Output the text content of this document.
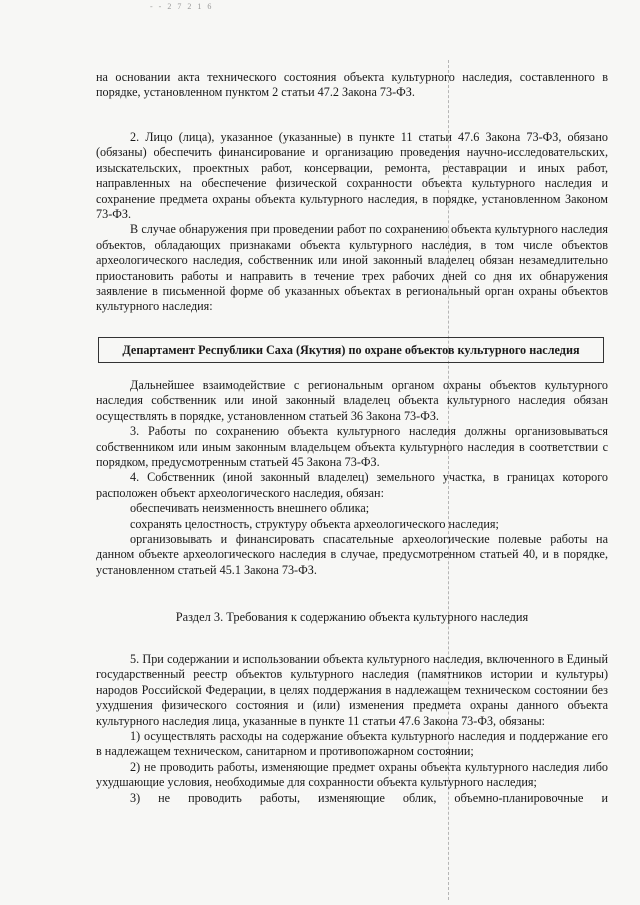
- - 2 7 2 1 6

на основании акта технического состояния объекта культурного наследия, составленного в порядке, установленном пунктом 2 статьи 47.2 Закона 73-ФЗ.

2. Лицо (лица), указанное (указанные) в пункте 11 статьи 47.6 Закона 73-ФЗ, обязано (обязаны) обеспечить финансирование и организацию проведения научно-исследовательских, изыскательских, проектных работ, консервации, ремонта, реставрации и иных работ, направленных на обеспечение физической сохранности объекта культурного наследия и сохранение предмета охраны объекта культурного наследия, в порядке, установленном Законом 73-ФЗ.

В случае обнаружения при проведении работ по сохранению объекта культурного наследия объектов, обладающих признаками объекта культурного наследия, в том числе объектов археологического наследия, собственник или иной законный владелец обязан незамедлительно приостановить работы и направить в течение трех рабочих дней со дня их обнаружения заявление в письменной форме об указанных объектах в региональный орган охраны объектов культурного наследия:

Департамент Республики Саха (Якутия) по охране объектов культурного наследия

Дальнейшее взаимодействие с региональным органом охраны объектов культурного наследия собственник или иной законный владелец объекта культурного наследия обязан осуществлять в порядке, установленном статьей 36 Закона 73-ФЗ.

3. Работы по сохранению объекта культурного наследия должны организовываться собственником или иным законным владельцем объекта культурного наследия в соответствии с порядком, предусмотренным статьей 45 Закона 73-ФЗ.

4. Собственник (иной законный владелец) земельного участка, в границах которого расположен объект археологического наследия, обязан:

обеспечивать неизменность внешнего облика;

сохранять целостность, структуру объекта археологического наследия;

организовывать и финансировать спасательные археологические полевые работы на данном объекте археологического наследия в случае, предусмотренном статьей 40, и в порядке, установленном статьей 45.1 Закона 73-ФЗ.

Раздел 3. Требования к содержанию объекта культурного наследия

5. При содержании и использовании объекта культурного наследия, включенного в Единый государственный реестр объектов культурного наследия (памятников истории и культуры) народов Российской Федерации, в целях поддержания в надлежащем техническом состоянии без ухудшения физического состояния и (или) изменения предмета охраны данного объекта культурного наследия лица, указанные в пункте 11 статьи 47.6 Закона 73-ФЗ, обязаны:

1) осуществлять расходы на содержание объекта культурного наследия и поддержание его в надлежащем техническом, санитарном и противопожарном состоянии;

2) не проводить работы, изменяющие предмет охраны объекта культурного наследия либо ухудшающие условия, необходимые для сохранности объекта культурного наследия;

3) не проводить работы, изменяющие облик, объемно-планировочные и
